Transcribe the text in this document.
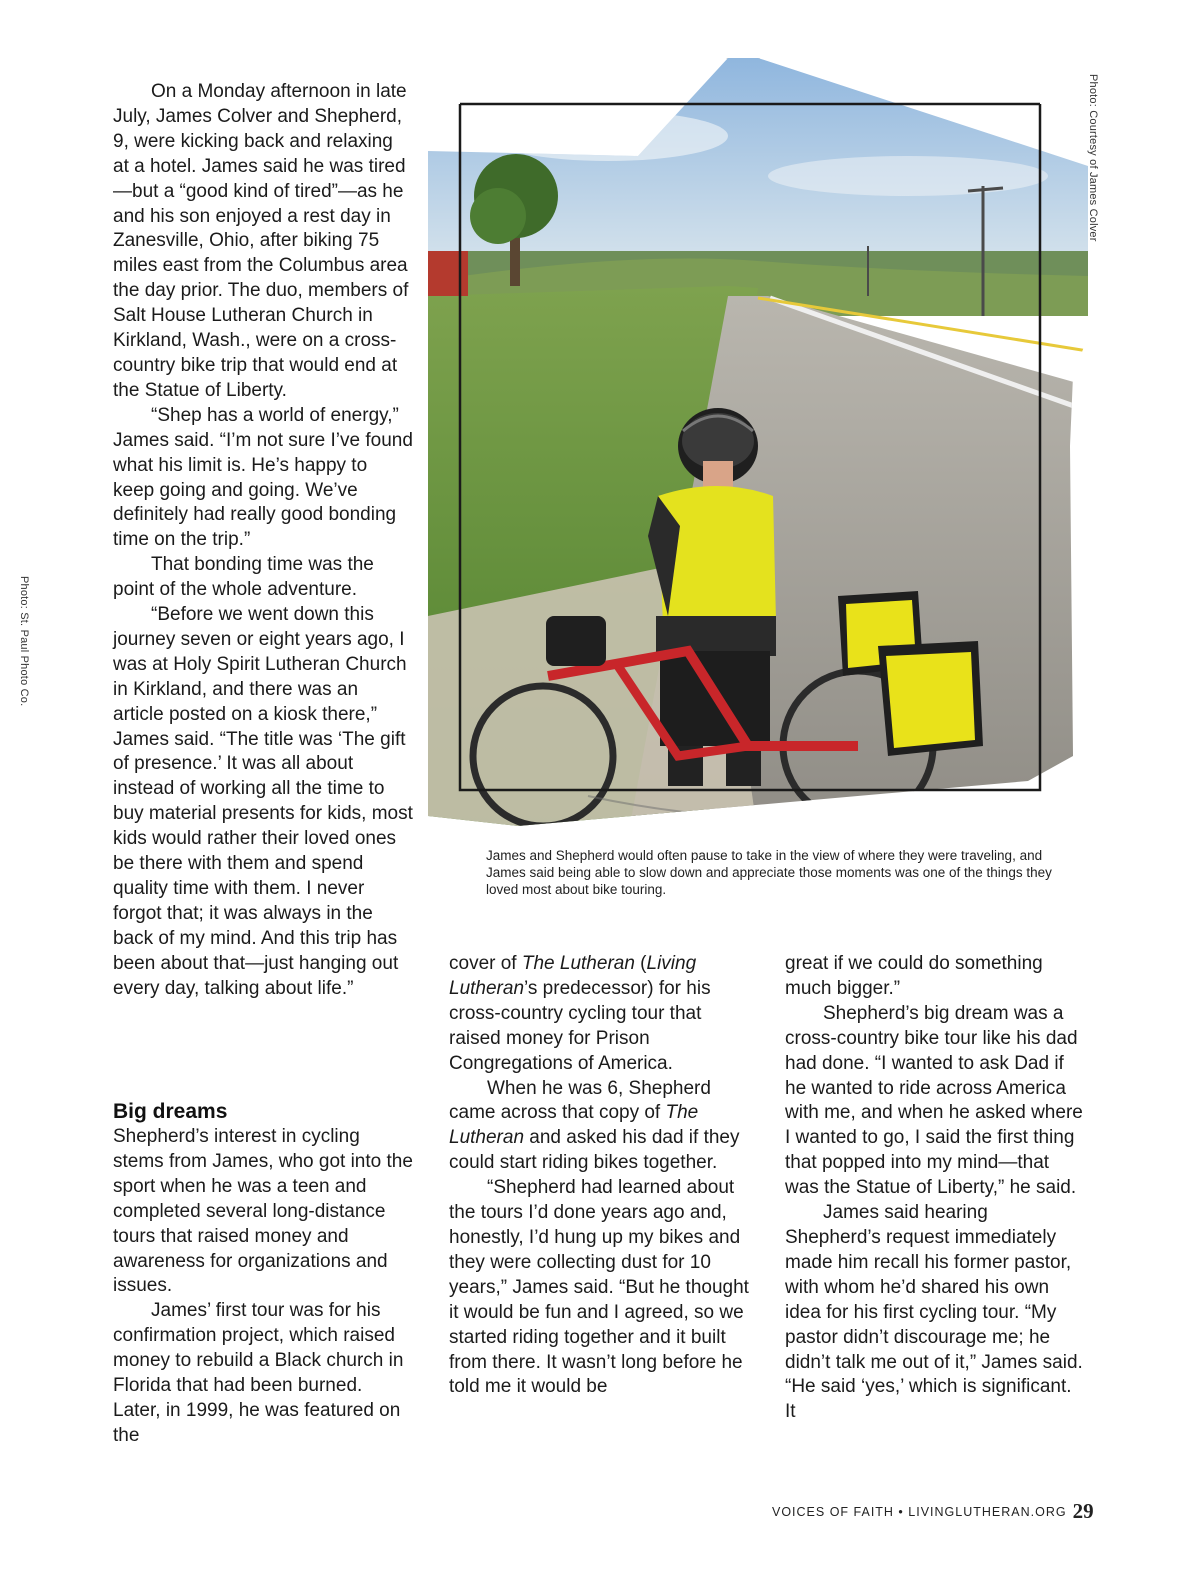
Photo: St. Paul Photo Co.
Photo: Courtesy of James Colver

On a Monday afternoon in late July, James Colver and Shepherd, 9, were kicking back and relaxing at a hotel. James said he was tired—but a “good kind of tired”—as he and his son enjoyed a rest day in Zanesville, Ohio, after biking 75 miles east from the Columbus area the day prior. The duo, members of Salt House Lutheran Church in Kirkland, Wash., were on a cross-country bike trip that would end at the Statue of Liberty.

“Shep has a world of energy,” James said. “I’m not sure I’ve found what his limit is. He’s happy to keep going and going. We’ve definitely had really good bonding time on the trip.”

That bonding time was the point of the whole adventure.

“Before we went down this journey seven or eight years ago, I was at Holy Spirit Lutheran Church in Kirkland, and there was an article posted on a kiosk there,” James said. “The title was ‘The gift of presence.’ It was all about instead of working all the time to buy material presents for kids, most kids would rather their loved ones be there with them and spend quality time with them. I never forgot that; it was always in the back of my mind. And this trip has been about that—just hanging out every day, talking about life.”

Big dreams

Shepherd’s interest in cycling stems from James, who got into the sport when he was a teen and completed several long-distance tours that raised money and awareness for organizations and issues.

James’ first tour was for his confirmation project, which raised money to rebuild a Black church in Florida that had been burned. Later, in 1999, he was featured on the

James and Shepherd would often pause to take in the view of where they were traveling, and James said being able to slow down and appreciate those moments was one of the things they loved most about bike touring.

cover of The Lutheran (Living Lutheran’s predecessor) for his cross-country cycling tour that raised money for Prison Congregations of America.

When he was 6, Shepherd came across that copy of The Lutheran and asked his dad if they could start riding bikes together.

“Shepherd had learned about the tours I’d done years ago and, honestly, I’d hung up my bikes and they were collecting dust for 10 years,” James said. “But he thought it would be fun and I agreed, so we started riding together and it built from there. It wasn’t long before he told me it would be

great if we could do something much bigger.”

Shepherd’s big dream was a cross-country bike tour like his dad had done. “I wanted to ask Dad if he wanted to ride across America with me, and when he asked where I wanted to go, I said the first thing that popped into my mind—that was the Statue of Liberty,” he said.

James said hearing Shepherd’s request immediately made him recall his former pastor, with whom he’d shared his own idea for his first cycling tour. “My pastor didn’t discourage me; he didn’t talk me out of it,” James said. “He said ‘yes,’ which is significant. It

VOICES OF FAITH • LIVINGLUTHERAN.ORG 29
